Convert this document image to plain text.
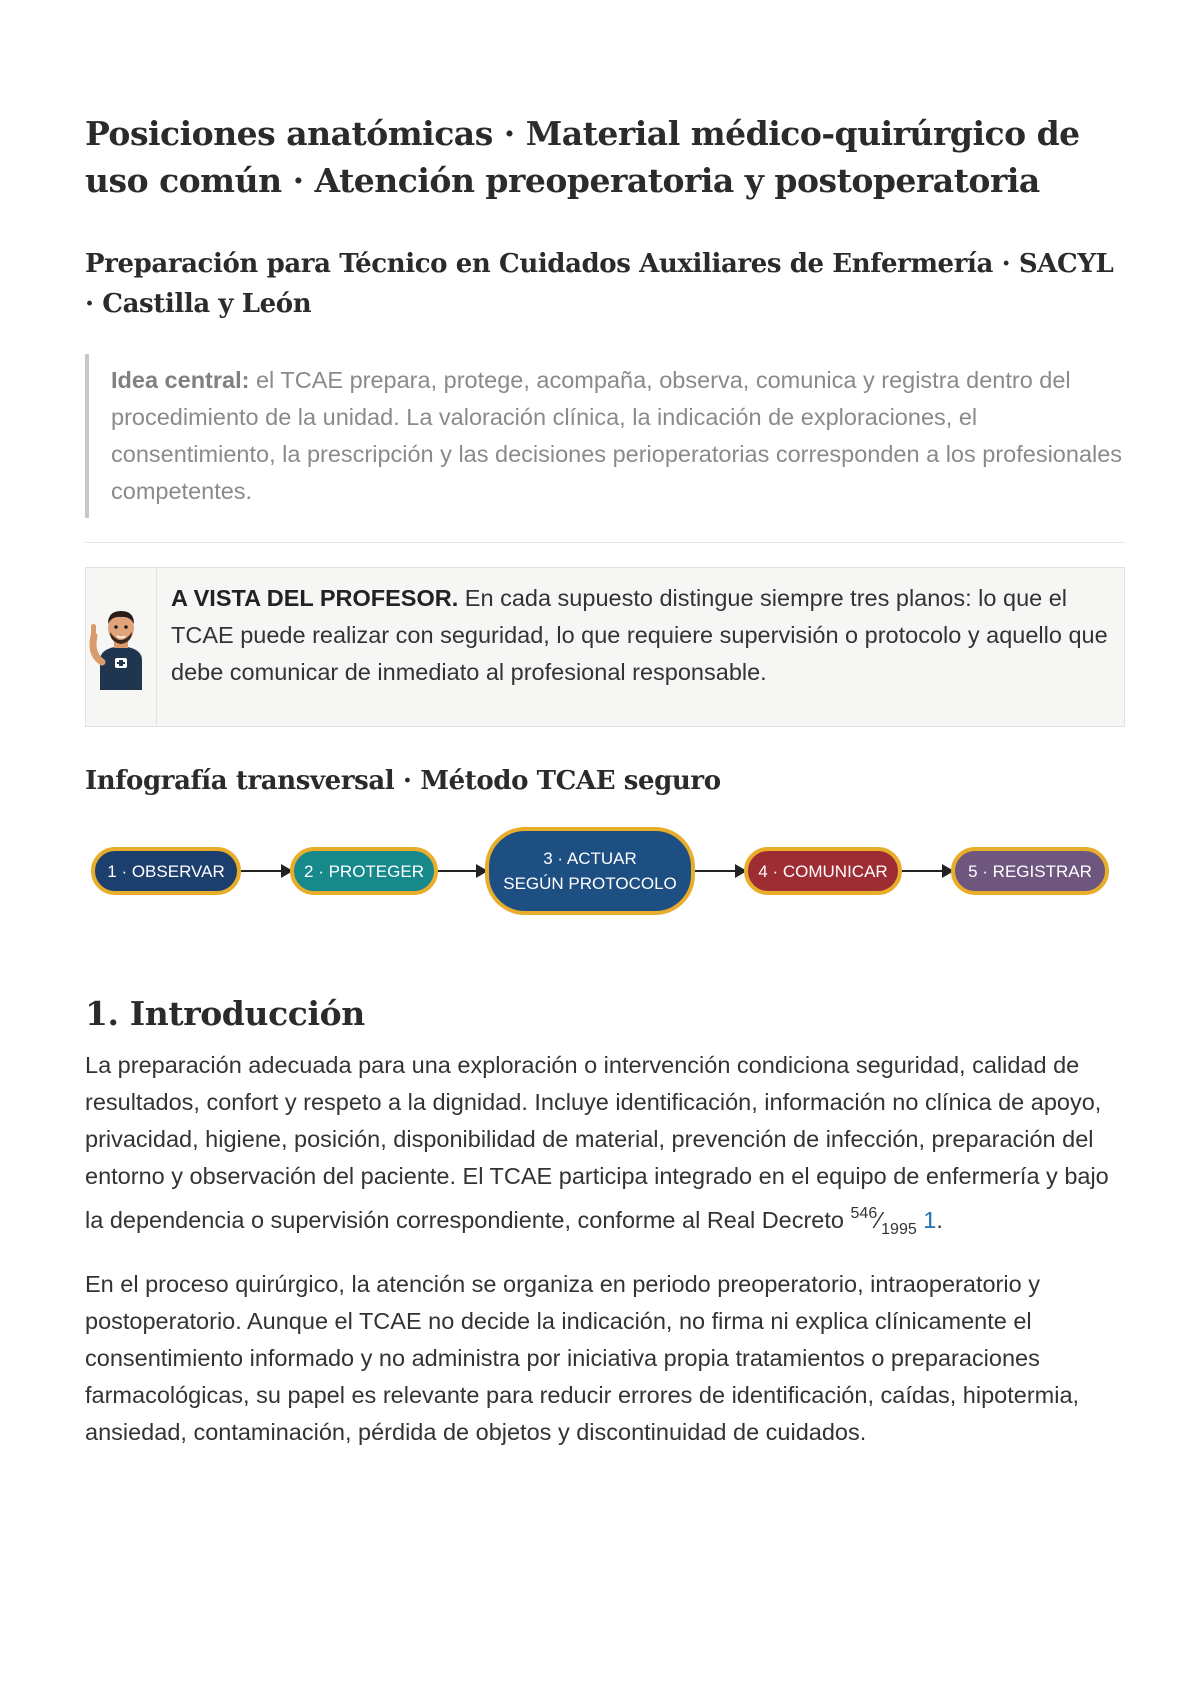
Posiciones anatómicas · Material médico-quirúrgico de uso común · Atención preoperatoria y postoperatoria
Preparación para Técnico en Cuidados Auxiliares de Enfermería · SACYL · Castilla y León
Idea central: el TCAE prepara, protege, acompaña, observa, comunica y registra dentro del procedimiento de la unidad. La valoración clínica, la indicación de exploraciones, el consentimiento, la prescripción y las decisiones perioperatorias corresponden a los profesionales competentes.
A VISTA DEL PROFESOR. En cada supuesto distingue siempre tres planos: lo que el TCAE puede realizar con seguridad, lo que requiere supervisión o protocolo y aquello que debe comunicar de inmediato al profesional responsable.
Infografía transversal · Método TCAE seguro
1 · OBSERVAR	2 · PROTEGER
3 · ACTUAR
SEGÚN PROTOCOLO
4 · COMUNICAR	5 · REGISTRAR
1. Introducción

La preparación adecuada para una exploración o intervención condiciona seguridad, calidad de resultados, confort y respeto a la dignidad. Incluye identificación, información no clínica de apoyo, privacidad, higiene, posición, disponibilidad de material, prevención de infección, preparación del entorno y observación del paciente. El TCAE participa integrado en el equipo de enfermería y bajo la dependencia o supervisión correspondiente, conforme al Real Decreto $^{546}⁄_{1995}$ 1.

En el proceso quirúrgico, la atención se organiza en periodo preoperatorio, intraoperatorio y postoperatorio. Aunque el TCAE no decide la indicación, no firma ni explica clínicamente el consentimiento informado y no administra por iniciativa propia tratamientos o preparaciones farmacológicas, su papel es relevante para reducir errores de identificación, caídas, hipotermia, ansiedad, contaminación, pérdida de objetos y discontinuidad de cuidados.
